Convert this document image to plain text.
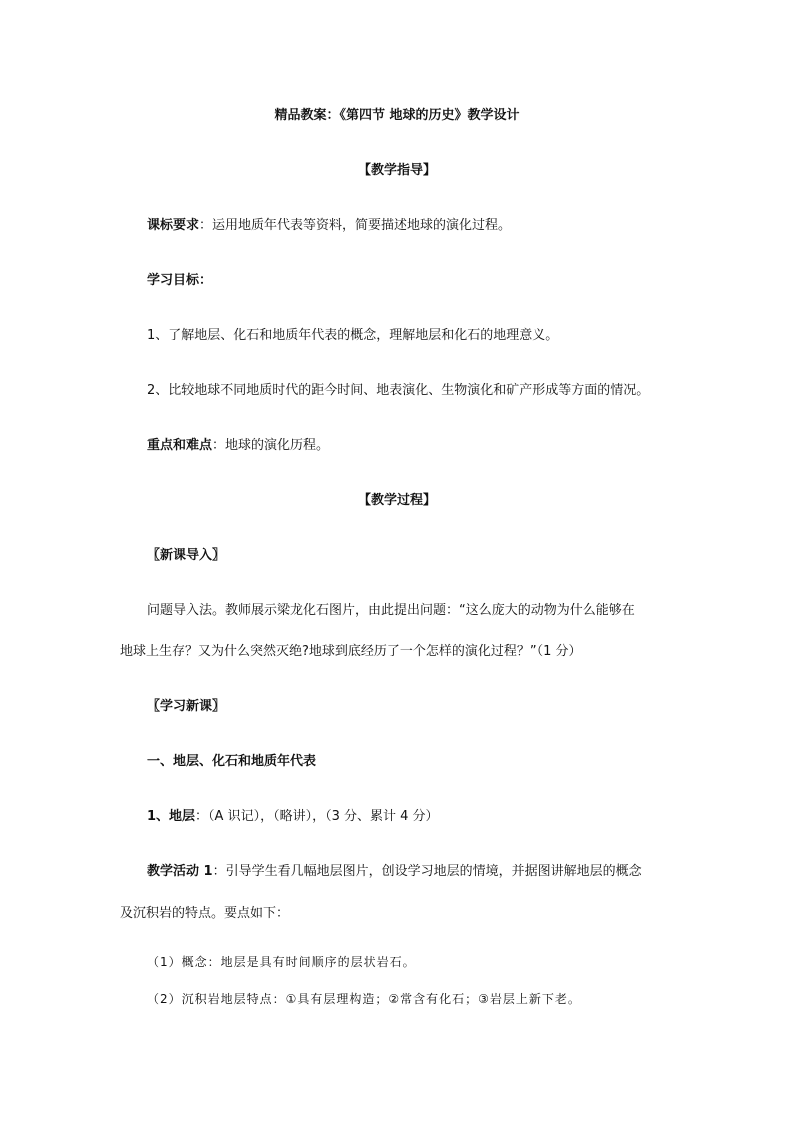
精品教案：《第四节 地球的历史》教学设计
【教学指导】
课标要求：运用地质年代表等资料，简要描述地球的演化过程。
学习目标：
1、了解地层、化石和地质年代表的概念，理解地层和化石的地理意义。
2、比较地球不同地质时代的距今时间、地表演化、生物演化和矿产形成等方面的情况。
重点和难点：地球的演化历程。
【教学过程】
〖新课导入〗
问题导入法。教师展示梁龙化石图片，由此提出问题：“这么庞大的动物为什么能够在
地球上生存？又为什么突然灭绝?地球到底经历了一个怎样的演化过程？”（1 分）
〖学习新课〗
一、地层、化石和地质年代表
1、地层：（A 识记），（略讲），（3 分、累计 4 分）
教学活动 1：引导学生看几幅地层图片，创设学习地层的情境，并据图讲解地层的概念
及沉积岩的特点。要点如下：
（1）概念：地层是具有时间顺序的层状岩石。
（2）沉积岩地层特点：①具有层理构造；②常含有化石；③岩层上新下老。
